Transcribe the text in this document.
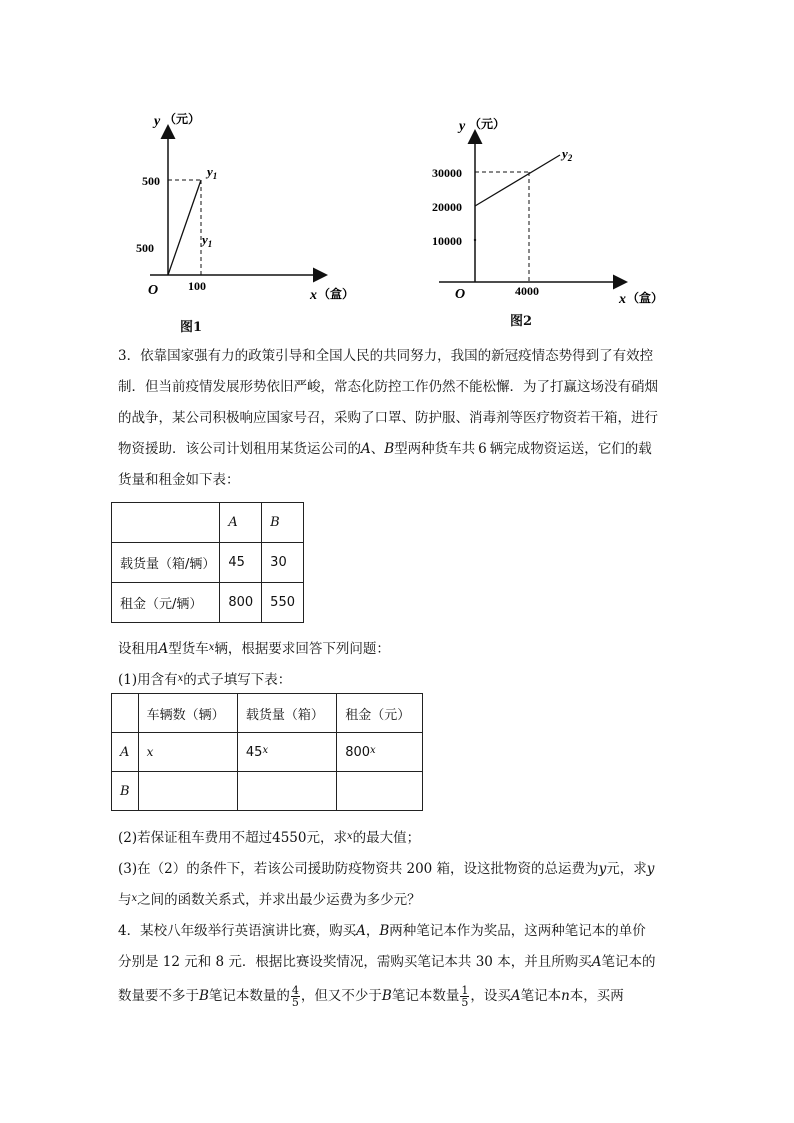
y （元）
500
500
O 100
x （盒）
$y_1$
$y_1$
图1
y （元）
30000
20000
10000
O	4000
x （盒）
$y_2$
图2

3．依靠国家强有力的政策引导和全国人民的共同努力，我国的新冠疫情态势得到了有效控

制．但当前疫情发展形势依旧严峻，常态化防控工作仍然不能松懈．为了打赢这场没有硝烟

的战争，某公司积极响应国家号召，采购了口罩、防护服、消毒剂等医疗物资若干箱，进行

物资援助．该公司计划租用某货运公司的A、B型两种货车共 6 辆完成物资运送，它们的载

货量和租金如下表：

	A	B
载货量（箱/辆）	45	30
租金（元/辆）	800	550
设租用A型货车$^x$辆，根据要求回答下列问题：
(1)用含有$^x$的式子填写下表：
	车辆数（辆）	载货量（箱）	租金（元）
A	x	45$^x$	800$^x$
B			
(2)若保证租车费用不超过4550元，求$^x$的最大值；
(3)在（2）的条件下，若该公司援助防疫物资共 200 箱，设这批物资的总运费为y元，求y
与$^x$之间的函数关系式，并求出最少运费为多少元？
4．某校八年级举行英语演讲比赛，购买A，B两种笔记本作为奖品，这两种笔记本的单价
分别是 12 元和 8 元．根据比赛设奖情况，需购买笔记本共 30 本，并且所购买A笔记本的
数量要不多于B笔记本数量的 $\frac{4}{5}$ ，但又不少于B笔记本数量 $\frac{1}{5}$ ，设买A笔记本n本，买两
